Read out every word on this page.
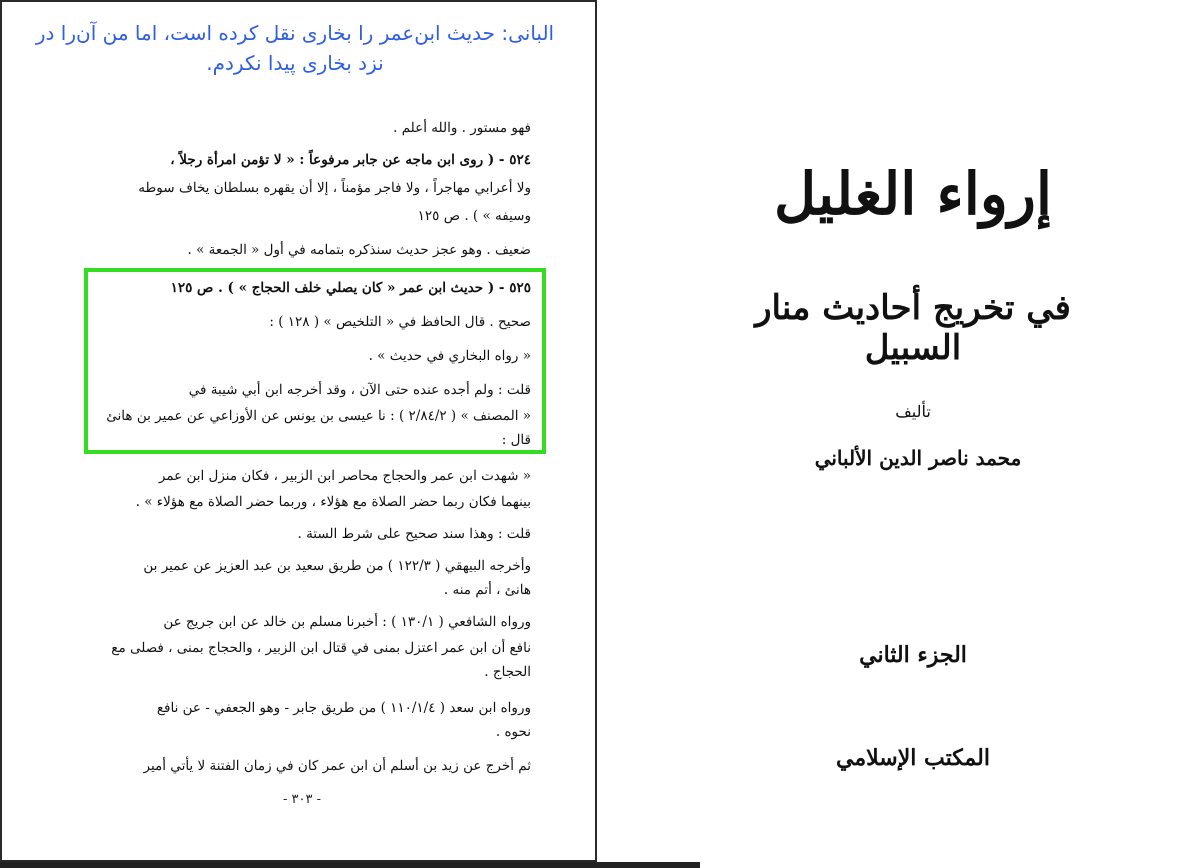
البانی: حدیث ابن‌عمر را بخاری نقل کرده است، اما من آن‌را در نزد بخاری پیدا نکردم.
فهو مستور . والله أعلم .
٥٢٤ - ( روى ابن ماجه عن جابر مرفوعاً : « لا تؤمن امرأة رجلاً ،
ولا أعرابي مهاجراً ، ولا فاجر مؤمناً ، إلا أن يقهره بسلطان يخاف سوطه
وسيفه » ) . ص ١٢٥
ضعيف . وهو عجز حديث سنذكره بتمامه في أول « الجمعة » .
٥٢٥ - ( حديث ابن عمر « كان يصلي خلف الحجاج » ) . ص ١٢٥
صحيح . قال الحافظ في « التلخيص » ( ١٢٨ ) :
« رواه البخاري في حديث » .
قلت : ولم أجده عنده حتى الآن ، وقد أخرجه ابن أبي شيبة في
« المصنف » ( ٢/٨٤/٢ ) : نا عيسى بن يونس عن الأوزاعي عن عمير بن هانئ
قال :
« شهدت ابن عمر والحجاج محاصر ابن الزبير ، فكان منزل ابن عمر
بينهما فكان ربما حضر الصلاة مع هؤلاء ، وربما حضر الصلاة مع هؤلاء » .
قلت : وهذا سند صحيح على شرط الستة .
وأخرجه البيهقي ( ١٢٢/٣ ) من طريق سعيد بن عبد العزيز عن عمير بن
هانئ ، أتم منه .
ورواه الشافعي ( ١٣٠/١ ) : أخبرنا مسلم بن خالد عن ابن جريج عن
نافع أن ابن عمر اعتزل بمنى في قتال ابن الزبير ، والحجاج بمنى ، فصلى مع
الحجاج .
ورواه ابن سعد ( ١١٠/١/٤ ) من طريق جابر - وهو الجعفي - عن نافع
نحوه .
ثم أخرج عن زيد بن أسلم أن ابن عمر كان في زمان الفتنة لا يأتي أمير
- ٣٠٣ -
إرواء الغليل
في تخريج أحاديث منار السبيل
تأليف
محمد ناصر الدين الألباني
الجزء الثاني
المكتب الإسلامي
